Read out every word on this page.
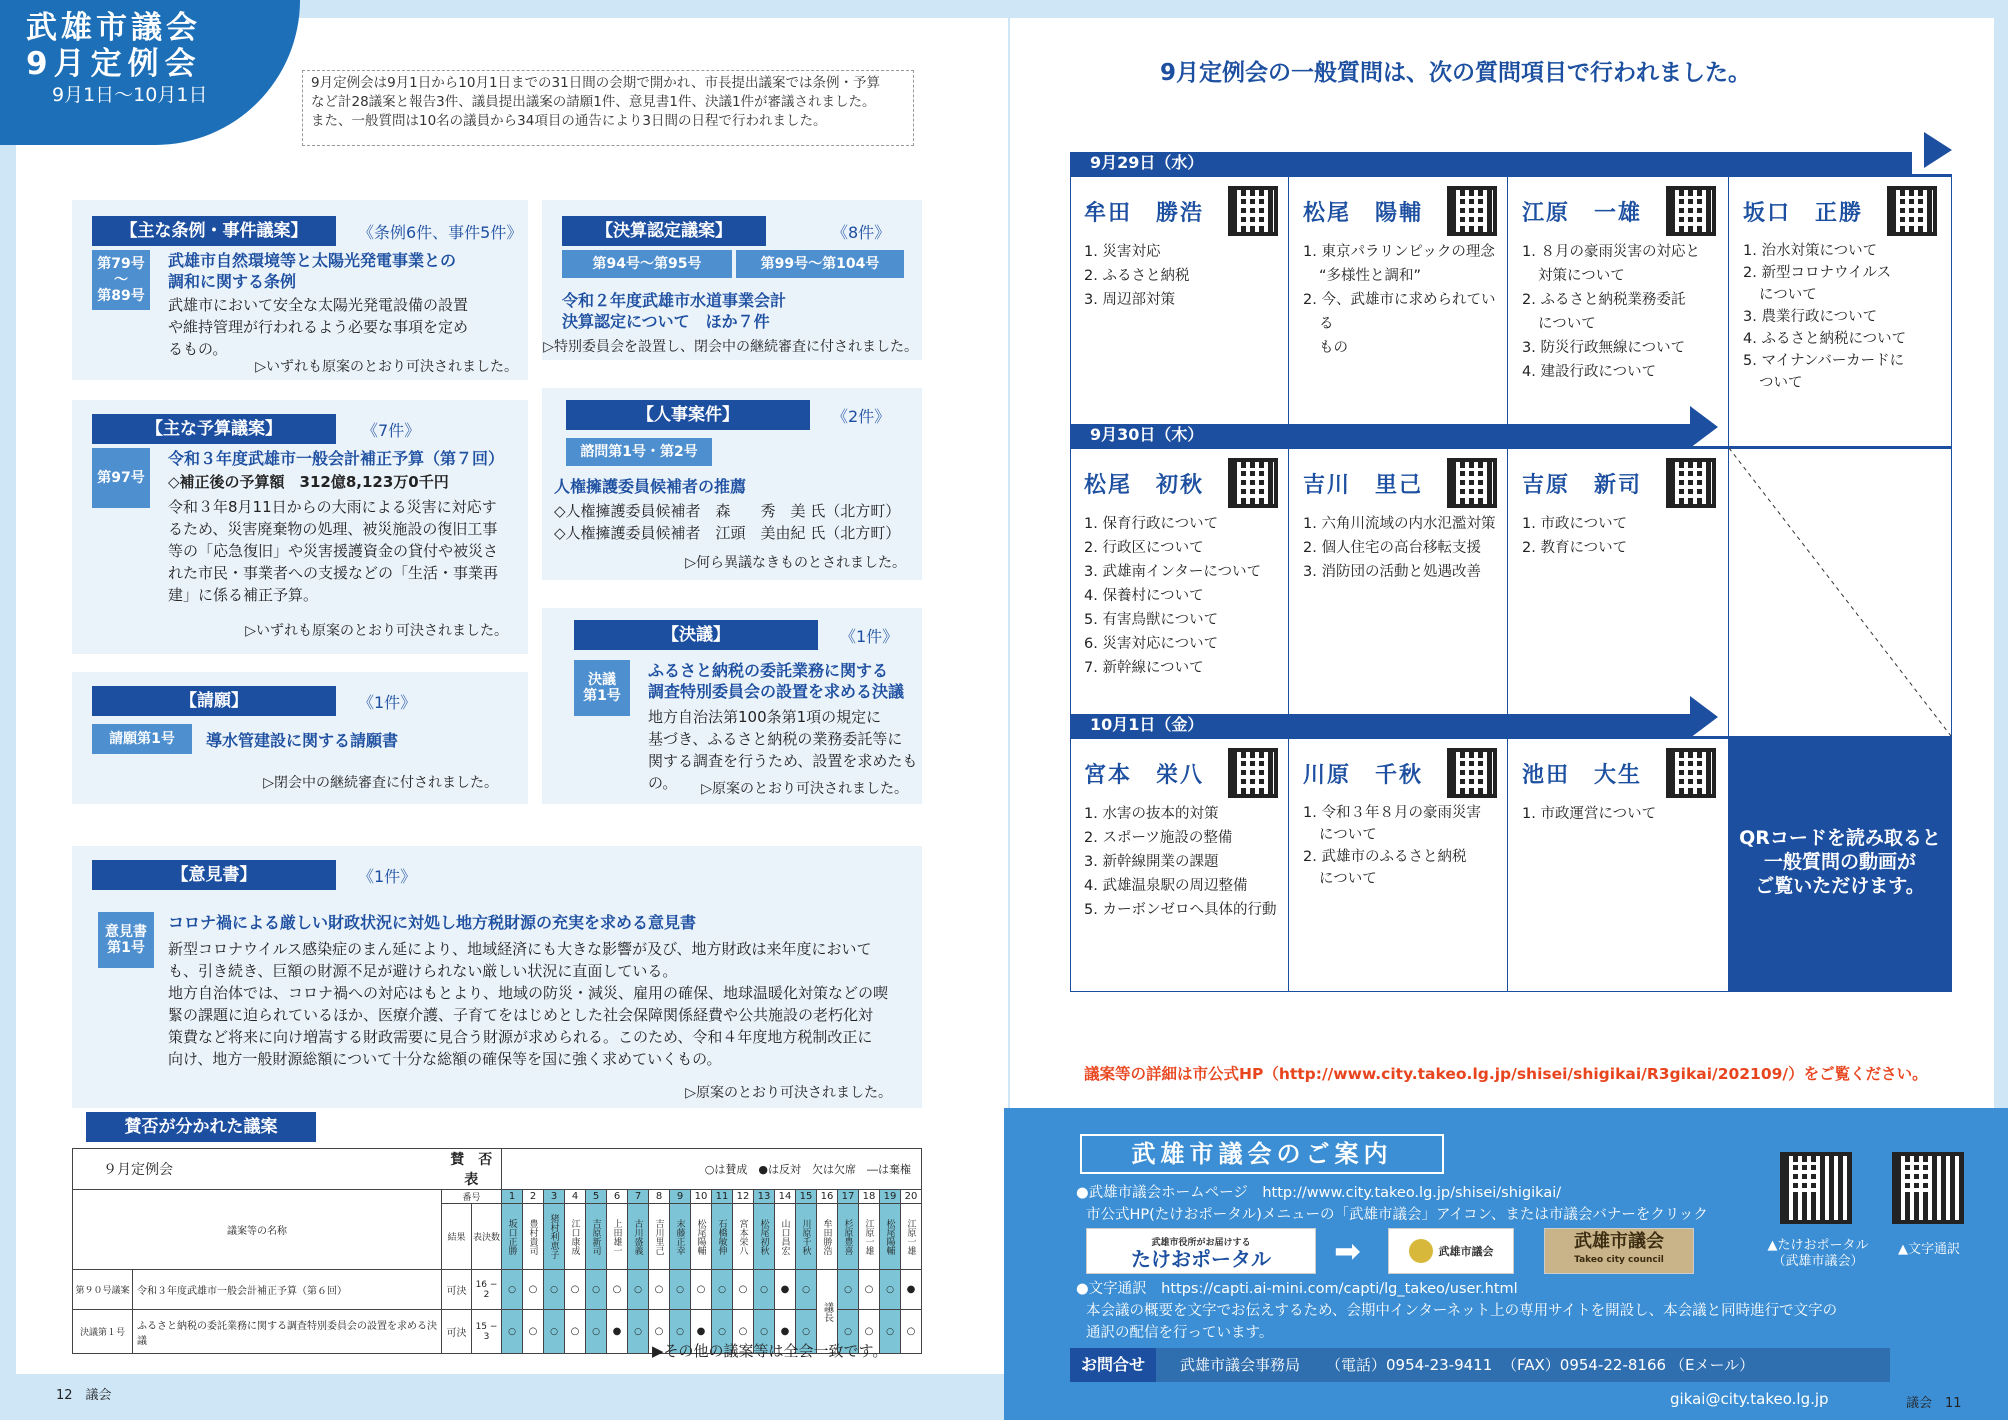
武雄市議会
9月定例会
9月1日〜10月1日
9月定例会は9月1日から10月1日までの31日間の会期で開かれ、市長提出議案では条例・予算
など計28議案と報告3件、議員提出議案の請願1件、意見書1件、決議1件が審議されました。
また、一般質問は10名の議員から34項目の通告により3日間の日程で行われました。
【主な条例・事件議案】	《条例6件、事件5件》
第79号
〜
第89号
武雄市自然環境等と太陽光発電事業との
調和に関する条例
武雄市において安全な太陽光発電設備の設置
や維持管理が行われるよう必要な事項を定め
るもの。
▷いずれも原案のとおり可決されました。
【決算認定議案】	《8件》
第94号〜第95号	第99号〜第104号
令和２年度武雄市水道事業会計
決算認定について　ほか７件
▷特別委員会を設置し、閉会中の継続審査に付されました。
【主な予算議案】	《7件》
第97号
令和３年度武雄市一般会計補正予算（第７回）
◇補正後の予算額　312億8,123万0千円
令和３年8月11日からの大雨による災害に対応す
るため、災害廃棄物の処理、被災施設の復旧工事
等の「応急復旧」や災害援護資金の貸付や被災さ
れた市民・事業者への支援などの「生活・事業再
建」に係る補正予算。
▷いずれも原案のとおり可決されました。
【人事案件】	《2件》
諮問第1号・第2号
人権擁護委員候補者の推薦
◇人権擁護委員候補者　森　　秀　美 氏（北方町）
◇人権擁護委員候補者　江頭　美由紀 氏（北方町）
▷何ら異議なきものとされました。
【決議】	《1件》
決議
第1号
ふるさと納税の委託業務に関する
調査特別委員会の設置を求める決議
地方自治法第100条第1項の規定に
基づき、ふるさと納税の業務委託等に
関する調査を行うため、設置を求めたもの。	▷原案のとおり可決されました。
【請願】	《1件》
請願第1号	導水管建設に関する請願書
▷閉会中の継続審査に付されました。
【意見書】	《1件》
意見書
第1号
コロナ禍による厳しい財政状況に対処し地方税財源の充実を求める意見書
新型コロナウイルス感染症のまん延により、地域経済にも大きな影響が及び、地方財政は来年度において
も、引き続き、巨額の財源不足が避けられない厳しい状況に直面している。
地方自治体では、コロナ禍への対応はもとより、地域の防災・減災、雇用の確保、地球温暖化対策などの喫
緊の課題に迫られているほか、医療介護、子育てをはじめとした社会保障関係経費や公共施設の老朽化対
策費など将来に向け増嵩する財政需要に見合う財源が求められる。このため、令和４年度地方税制改正に
向け、地方一般財源総額について十分な総額の確保等を国に強く求めていくもの。
▷原案のとおり可決されました。
賛否が分かれた議案
９月定例会		賛　否　表		○は賛成　●は反対　欠は欠席　―は棄権																			
議案等の名称		番号		1	2	3	4	5	6	7	8	9	10	11	12	13	14	15	16	17	18	19	20
		結果	表決数	坂口正勝	豊村貴司	猪村利恵子	江口康成	吉原新司	上田雄一	古川盛義	吉川里己	末藤正幸	松尾陽輔	石橋敏伸	宮本栄八	松尾初秋	山口昌宏	川原千秋	牟田勝浩	杉原豊喜	江原一雄	松尾陽輔	江原一雄
第９０号議案	令和３年度武雄市一般会計補正予算（第６回）	可決	16 − 2	○	○	○	○	○	○	○	○	○	○	○	○	○	●	○	議長	○	○	○	●
決議第１号	ふるさと納税の委託業務に関する調査特別委員会の設置を求める決議	可決	15 − 3	○	○	○	○	○	●	○	○	○	●	○	○	○	●	○		○	○	○	○
▶その他の議案等は全会一致です。
12　議会
9月定例会の一般質問は、次の質問項目で行われました。
9月29日（水）
9月30日（木）
10月1日（金）
牟田　勝浩
1. 災害対応
2. ふるさと納税
3. 周辺部対策
松尾　陽輔
1. 東京パラリンピックの理念
“多様性と調和”
2. 今、武雄市に求められている
もの
江原　一雄
1. ８月の豪雨災害の対応と
対策について
2. ふるさと納税業務委託
について
3. 防災行政無線について
4. 建設行政について
坂口　正勝
1. 治水対策について
2. 新型コロナウイルス
について
3. 農業行政について
4. ふるさと納税について
5. マイナンバーカードに
ついて
松尾　初秋
1. 保育行政について
2. 行政区について
3. 武雄南インターについて
4. 保養村について
5. 有害鳥獣について
6. 災害対応について
7. 新幹線について
吉川　里己
1. 六角川流域の内水氾濫対策
2. 個人住宅の高台移転支援
3. 消防団の活動と処遇改善
吉原　新司
1. 市政について
2. 教育について
宮本　栄八
1. 水害の抜本的対策
2. スポーツ施設の整備
3. 新幹線開業の課題
4. 武雄温泉駅の周辺整備
5. カーボンゼロへ具体的行動
川原　千秋
1. 令和３年８月の豪雨災害
について
2. 武雄市のふるさと納税
について
池田　大生
1. 市政運営について
QRコードを読み取ると
一般質問の動画が
ご覧いただけます。
議案等の詳細は市公式HP（http://www.city.takeo.lg.jp/shisei/shigikai/R3gikai/202109/）をご覧ください。
武雄市議会のご案内
●武雄市議会ホームページ　http://www.city.takeo.lg.jp/shisei/shigikai/
市公式HP(たけおポータル)メニューの「武雄市議会」アイコン、または市議会バナーをクリック
武雄市役所がお届けする
たけおポータル ➡	武雄市議会	武雄市議会
Takeo city council
●文字通訳　https://capti.ai-mini.com/capti/lg_takeo/user.html
本会議の概要を文字でお伝えするため、会期中インターネット上の専用サイトを開設し、本会議と同時進行で文字の
通訳の配信を行っています。
武雄市議会事務局 （電話）0954-23-9411 （FAX）0954-22-8166 （Eメール）gikai@city.takeo.lg.jp
お問合せ
▲たけおポータル
（武雄市議会）
▲文字通訳
議会　11
